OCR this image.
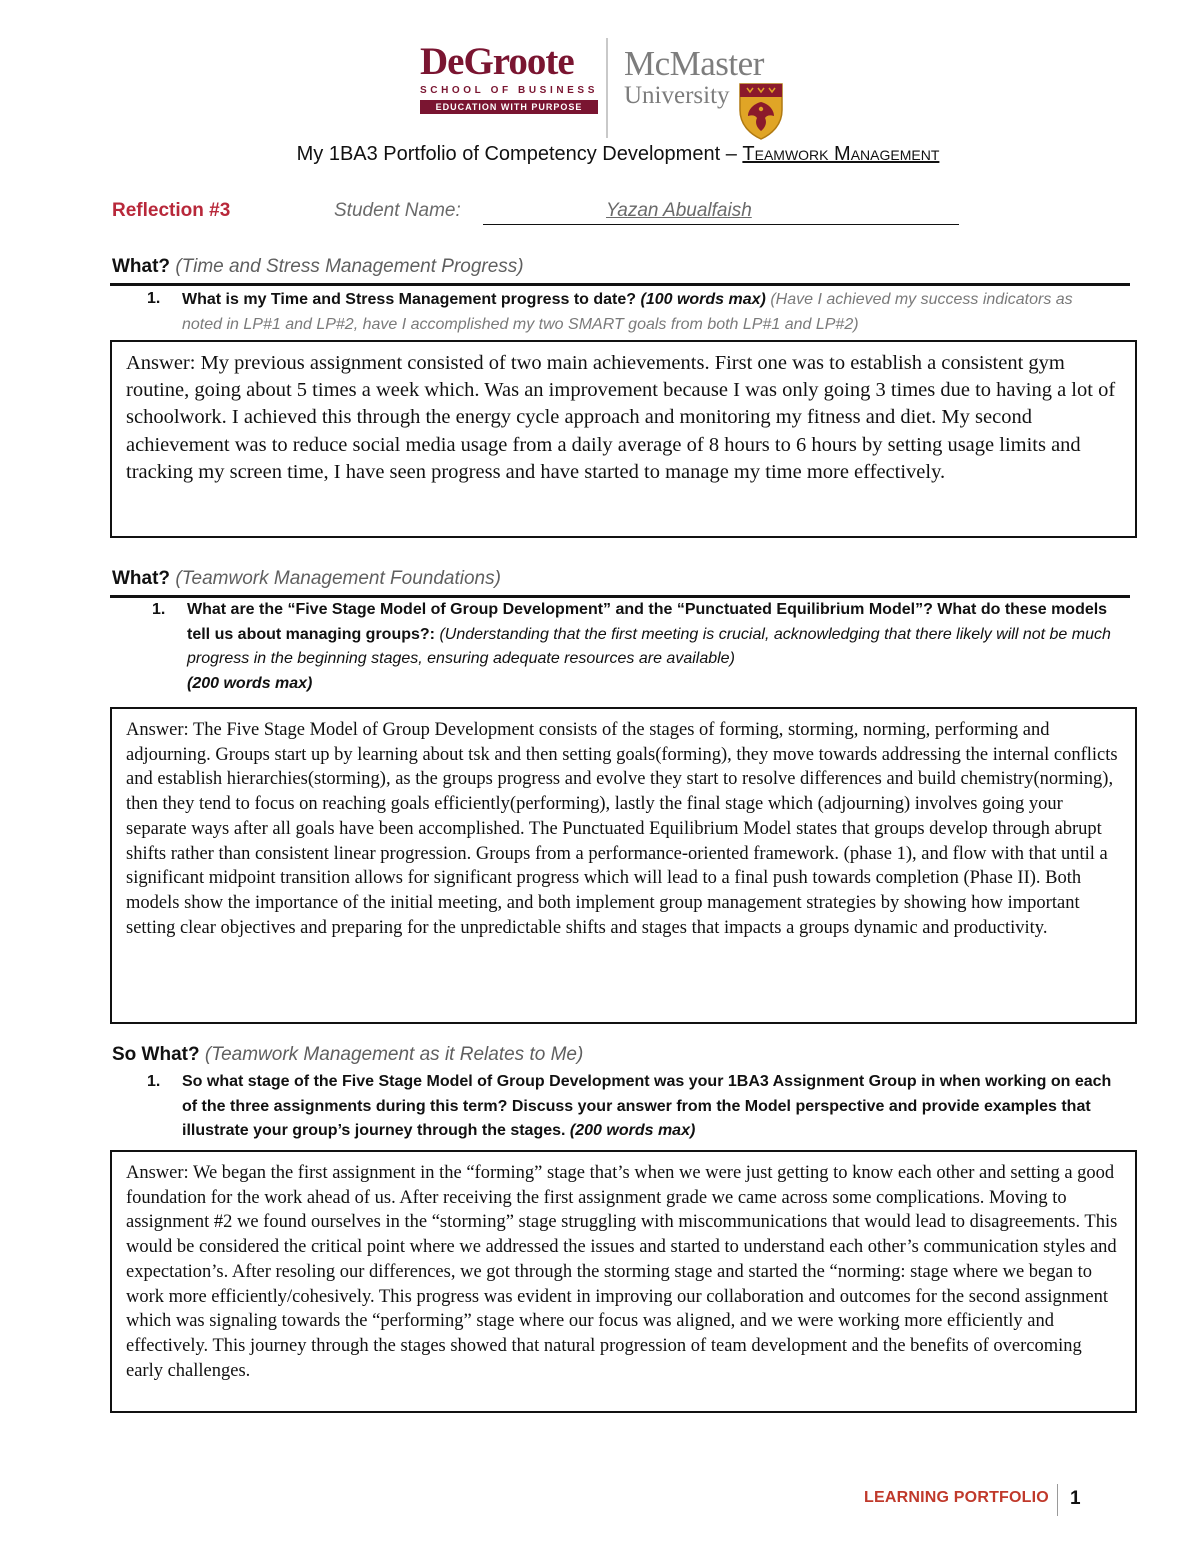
DeGroote
SCHOOL OF BUSINESS
EDUCATION WITH PURPOSE
McMaster
University
My 1BA3 Portfolio of Competency Development – Teamwork Management
Reflection #3	Student Name:	Yazan Abualfaish
What? (Time and Stress Management Progress)
1. What is my Time and Stress Management progress to date? (100 words max) (Have I achieved my success indicators as noted in LP#1 and LP#2, have I accomplished my two SMART goals from both LP#1 and LP#2)

Answer: My previous assignment consisted of two main achievements. First one was to establish a consistent gym routine, going about 5 times a week which. Was an improvement because I was only going 3 times due to having a lot of schoolwork. I achieved this through the energy cycle approach and monitoring my fitness and diet. My second achievement was to reduce social media usage from a daily average of 8 hours to 6 hours by setting usage limits and tracking my screen time, I have seen progress and have started to manage my time more effectively.

What? (Teamwork Management Foundations)
1. What are the “Five Stage Model of Group Development” and the “Punctuated Equilibrium Model”? What do these models tell us about managing groups?: (Understanding that the first meeting is crucial, acknowledging that there likely will not be much progress in the beginning stages, ensuring adequate resources are available)
(200 words max)

Answer: The Five Stage Model of Group Development consists of the stages of forming, storming, norming, performing and adjourning. Groups start up by learning about tsk and then setting goals(forming), they move towards addressing the internal conflicts and establish hierarchies(storming), as the groups progress and evolve they start to resolve differences and build chemistry(norming), then they tend to focus on reaching goals efficiently(performing), lastly the final stage which (adjourning) involves going your separate ways after all goals have been accomplished. The Punctuated Equilibrium Model states that groups develop through abrupt shifts rather than consistent linear progression. Groups from a performance-oriented framework. (phase 1), and flow with that until a significant midpoint transition allows for significant progress which will lead to a final push towards completion (Phase II). Both models show the importance of the initial meeting, and both implement group management strategies by showing how important setting clear objectives and preparing for the unpredictable shifts and stages that impacts a groups dynamic and productivity.

So What? (Teamwork Management as it Relates to Me)
1. So what stage of the Five Stage Model of Group Development was your 1BA3 Assignment Group in when working on each of the three assignments during this term? Discuss your answer from the Model perspective and provide examples that illustrate your group’s journey through the stages. (200 words max)

Answer: We began the first assignment in the “forming” stage that’s when we were just getting to know each other and setting a good foundation for the work ahead of us. After receiving the first assignment grade we came across some complications. Moving to assignment #2 we found ourselves in the “storming” stage struggling with miscommunications that would lead to disagreements. This would be considered the critical point where we addressed the issues and started to understand each other’s communication styles and expectation’s. After resoling our differences, we got through the storming stage and started the “norming: stage where we began to work more efficiently/cohesively. This progress was evident in improving our collaboration and outcomes for the second assignment which was signaling towards the “performing” stage where our focus was aligned, and we were working more efficiently and effectively. This journey through the stages showed that natural progression of team development and the benefits of overcoming early challenges.

LEARNING PORTFOLIO 1
